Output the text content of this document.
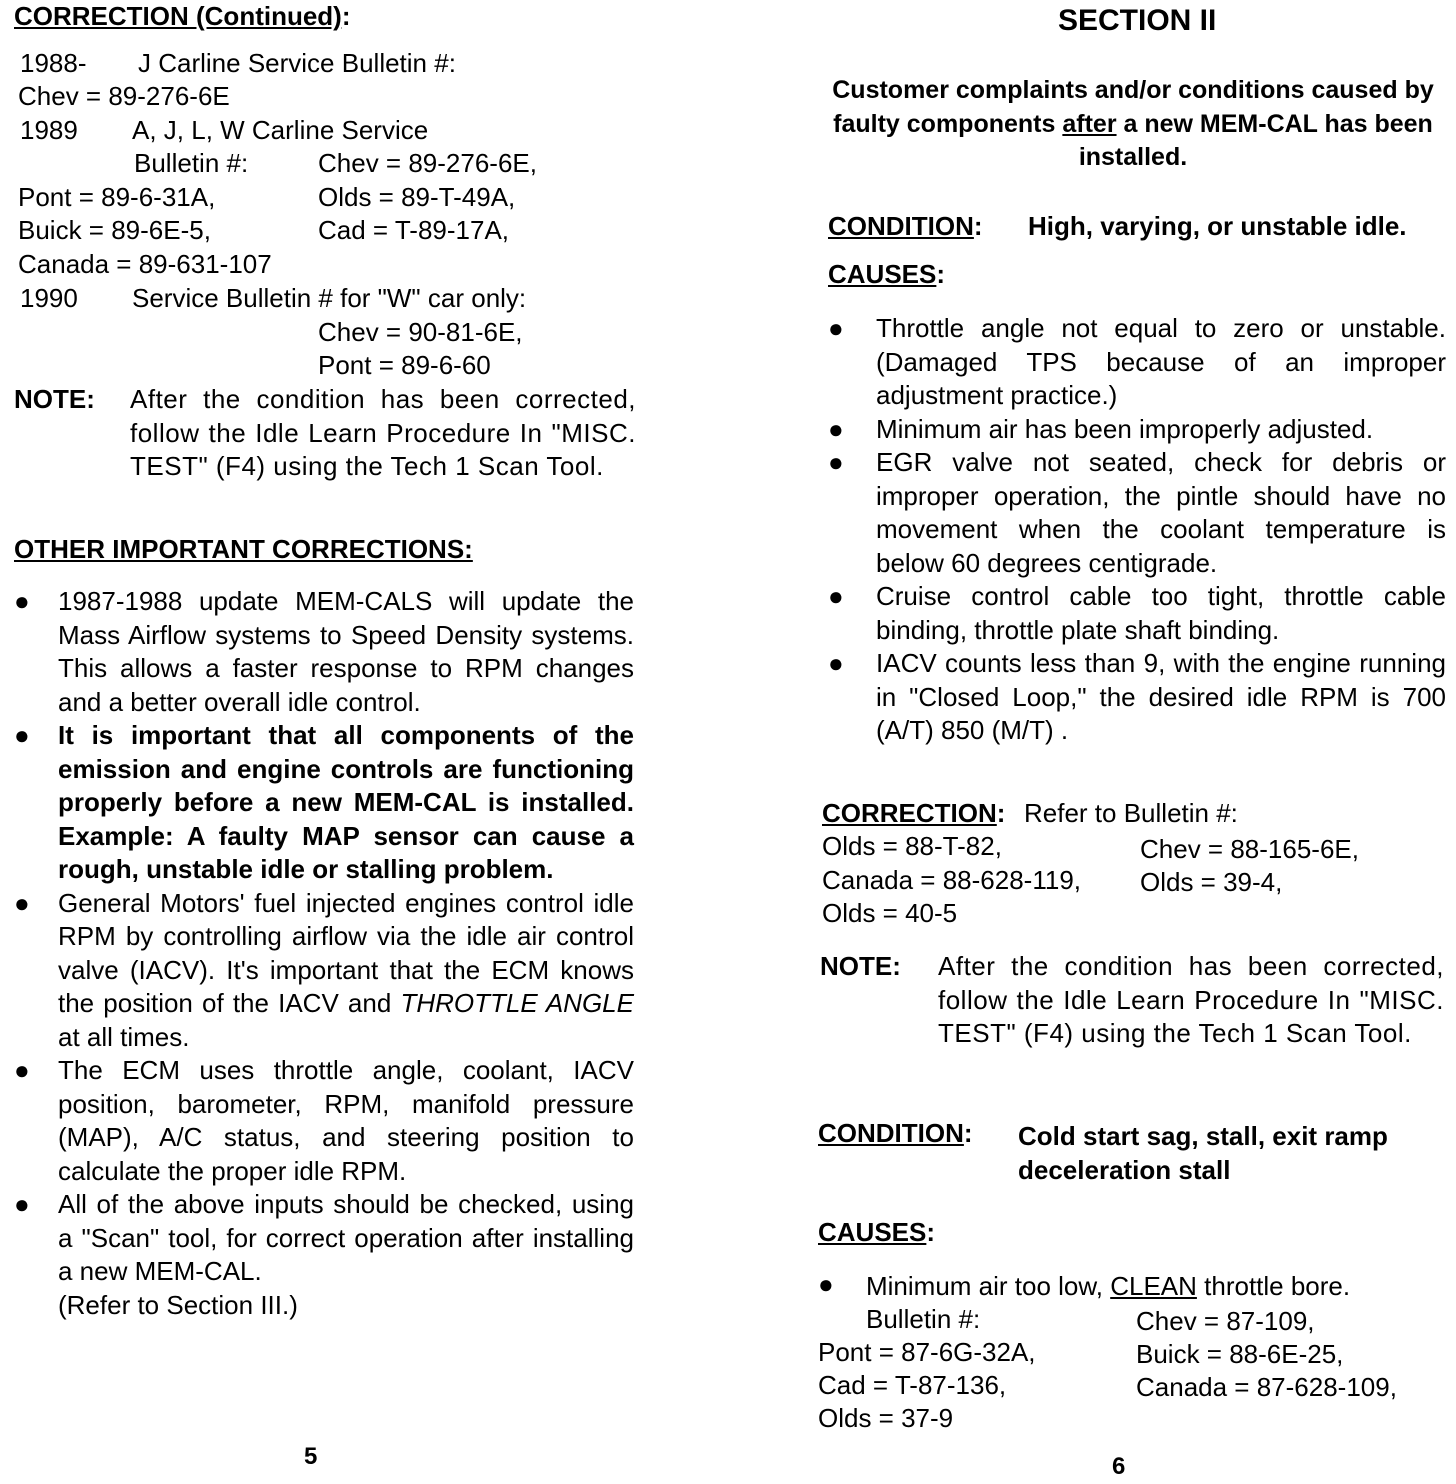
CORRECTION (Continued):
1988- J Carline Service Bulletin #:
Chev = 89-276-6E
1989 A, J, L, W Carline Service
Bulletin #:	Chev = 89-276-6E,
Pont = 89-6-31A,	Olds = 89-T-49A,
Buick = 89-6E-5,	Cad = T-89-17A,
Canada = 89-631-107
1990 Service Bulletin # for "W" car only:
Chev = 90-81-6E,
Pont = 89-6-60
NOTE: After the condition has been corrected, follow the Idle Learn Procedure In "MISC. TEST" (F4) using the Tech 1 Scan Tool.

OTHER IMPORTANT CORRECTIONS:
● 1987-1988 update MEM-CALS will update the Mass Airflow systems to Speed Density systems. This allows a faster response to RPM changes and a better overall idle control.
● It is important that all components of the emission and engine controls are functioning properly before a new MEM-CAL is installed. Example: A faulty MAP sensor can cause a rough, unstable idle or stalling problem.
● General Motors' fuel injected engines control idle RPM by controlling airflow via the idle air control valve (IACV). It's important that the ECM knows the position of the IACV and THROTTLE ANGLE at all times.
● The ECM uses throttle angle, coolant, IACV position, barometer, RPM, manifold pressure (MAP), A/C status, and steering position to calculate the proper idle RPM.
● All of the above inputs should be checked, using a "Scan" tool, for correct operation after installing a new MEM-CAL.
(Refer to Section III.)
5
SECTION II

Customer complaints and/or conditions caused by faulty components after a new MEM-CAL has been installed.

CONDITION: High, varying, or unstable idle.
CAUSES:
● Throttle angle not equal to zero or unstable. (Damaged TPS because of an improper adjustment practice.)
● Minimum air has been improperly adjusted.
● EGR valve not seated, check for debris or improper operation, the pintle should have no movement when the coolant temperature is below 60 degrees centigrade.
● Cruise control cable too tight, throttle cable binding, throttle plate shaft binding.
● IACV counts less than 9, with the engine running in "Closed Loop," the desired idle RPM is 700 (A/T) 850 (M/T) .
CORRECTION: Refer to Bulletin #:
Olds = 88-T-82,	Chev = 88-165-6E,
Canada = 88-628-119, Olds = 39-4,
Olds = 40-5
NOTE: After the condition has been corrected, follow the Idle Learn Procedure In "MISC. TEST" (F4) using the Tech 1 Scan Tool.

CONDITION: Cold start sag, stall, exit ramp deceleration stall

CAUSES:
● Minimum air too low, CLEAN throttle bore.
Bulletin #:	Chev = 87-109,
Pont = 87-6G-32A,	Buick = 88-6E-25,
Cad = T-87-136,	Canada = 87-628-109,
Olds = 37-9
6
